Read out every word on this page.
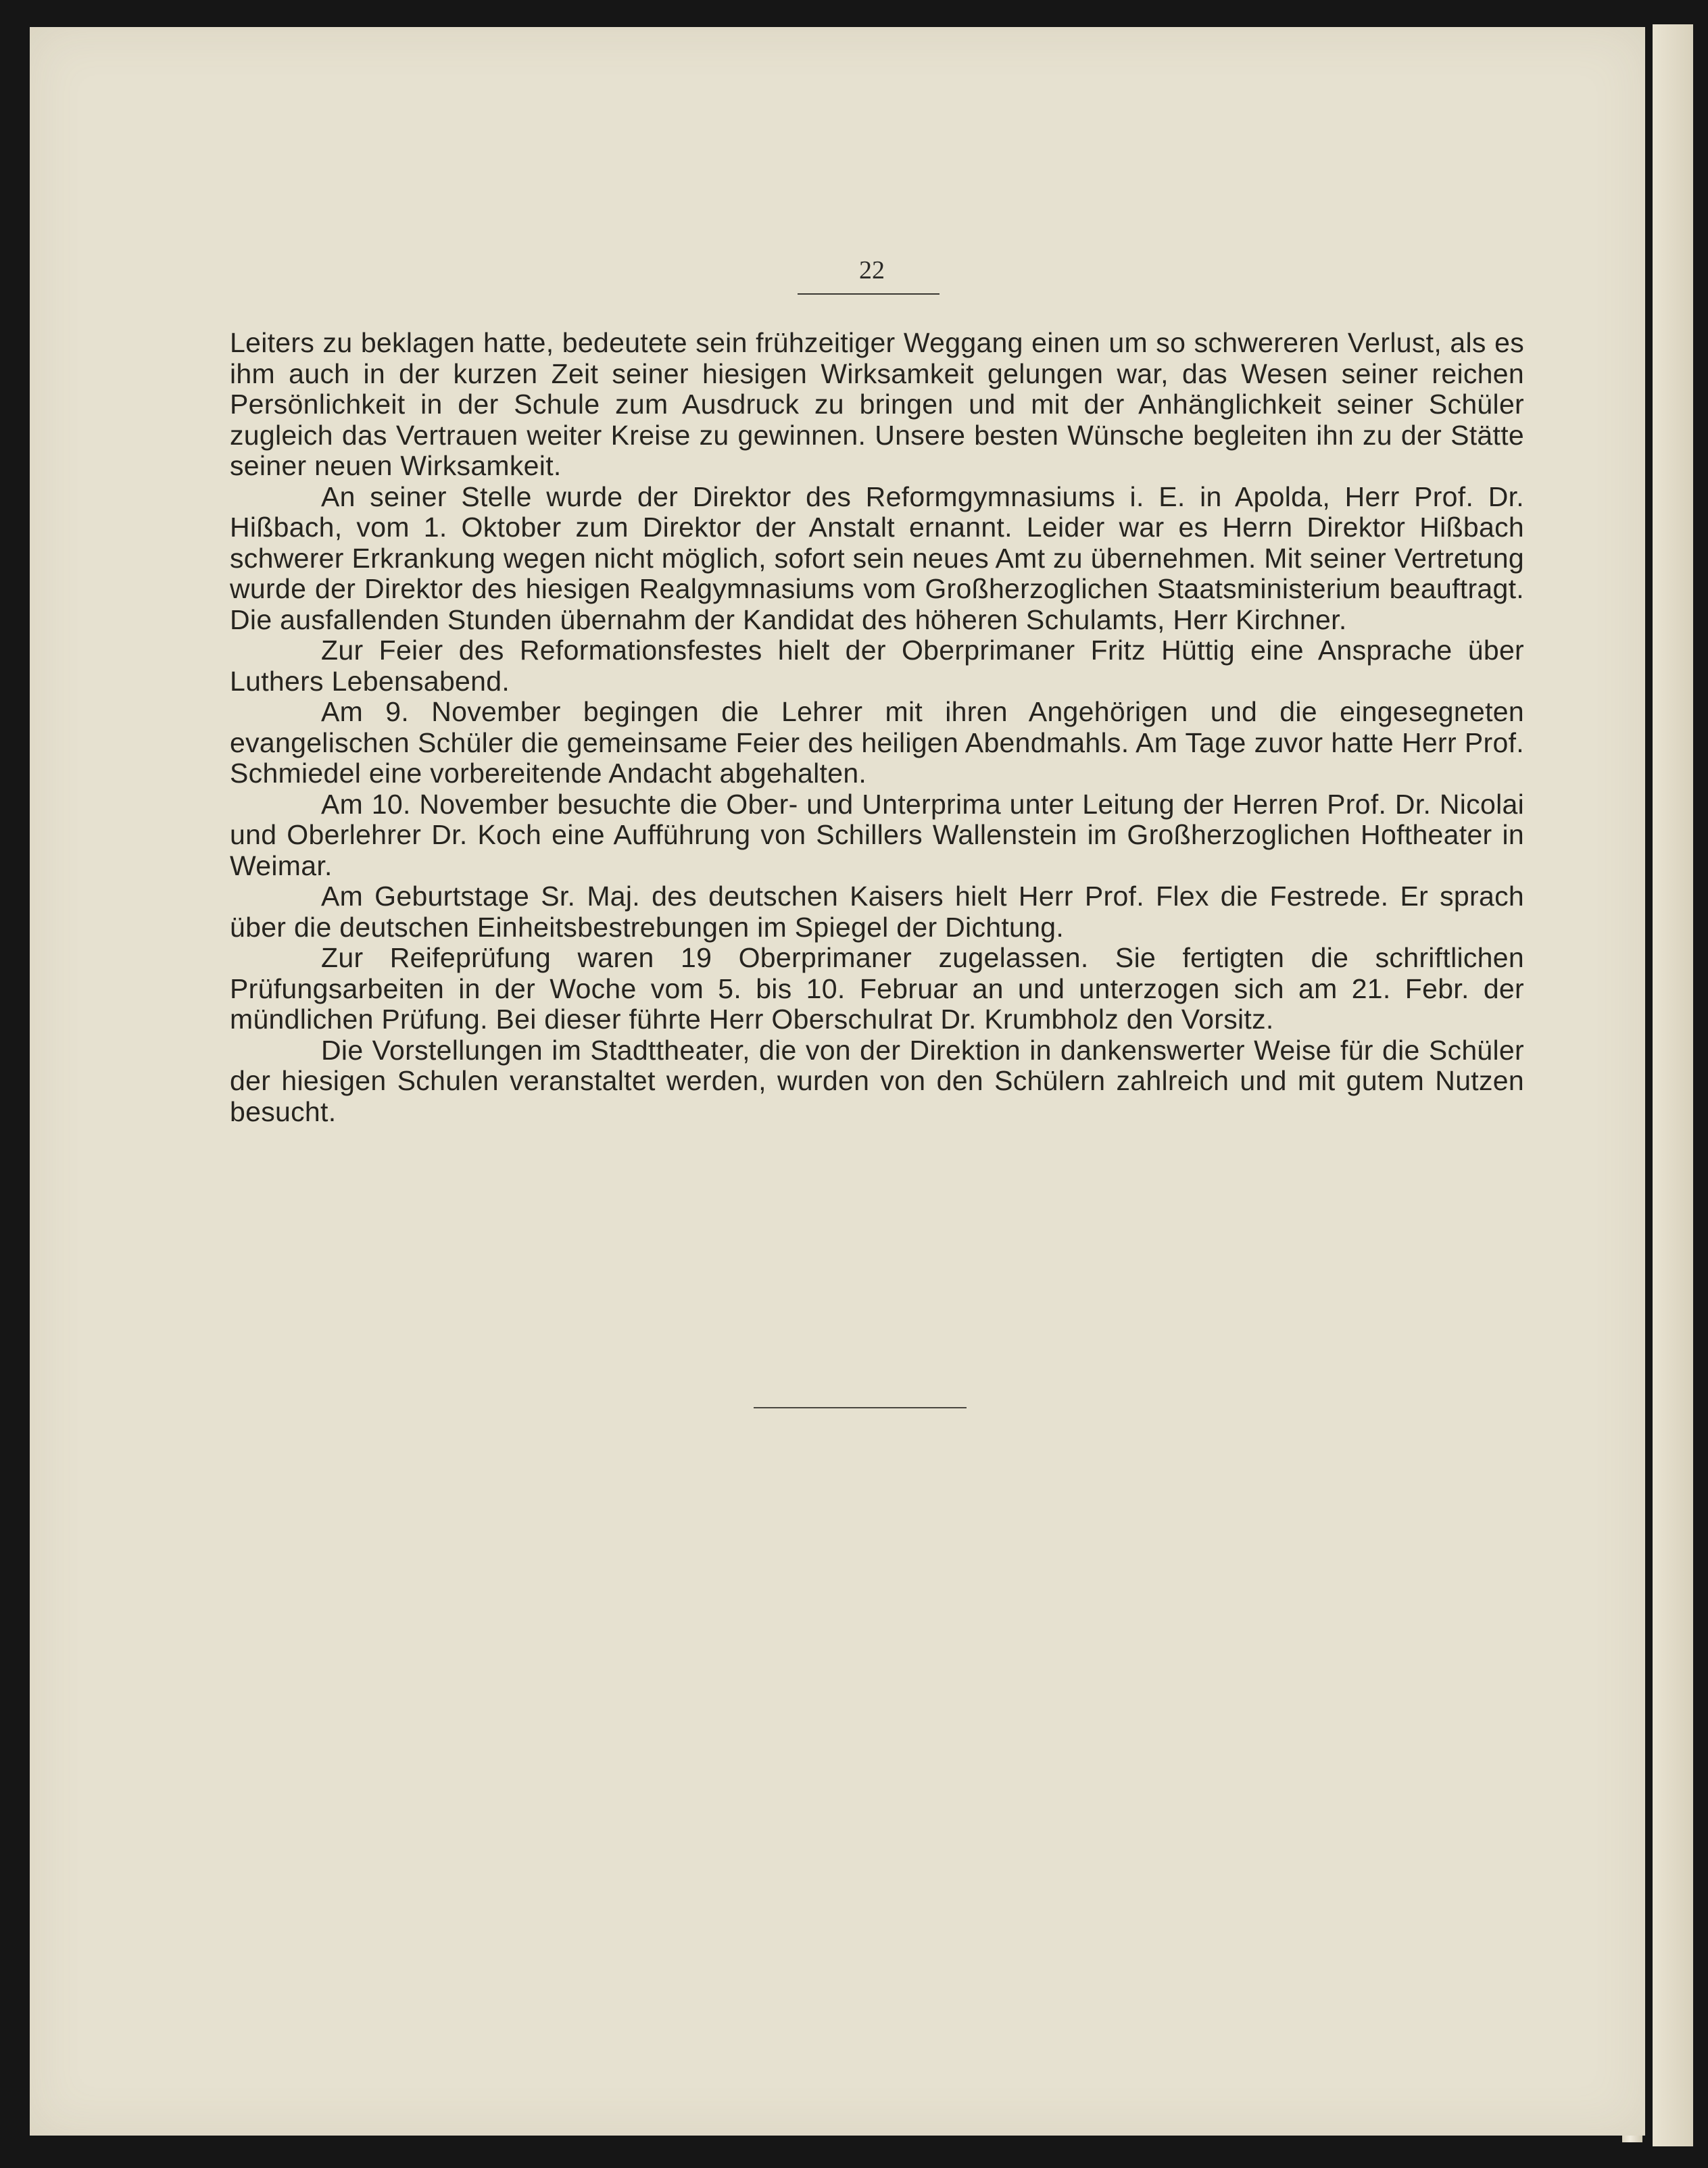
22

Leiters zu beklagen hatte, bedeutete sein frühzeitiger Weggang einen um so schwereren Verlust, als es ihm auch in der kurzen Zeit seiner hiesigen Wirksamkeit gelungen war, das Wesen seiner reichen Persönlichkeit in der Schule zum Ausdruck zu bringen und mit der Anhänglichkeit seiner Schüler zugleich das Vertrauen weiter Kreise zu gewinnen. Unsere besten Wünsche begleiten ihn zu der Stätte seiner neuen Wirksamkeit.

An seiner Stelle wurde der Direktor des Reformgymnasiums i. E. in Apolda, Herr Prof. Dr. Hißbach, vom 1. Oktober zum Direktor der Anstalt ernannt. Leider war es Herrn Direktor Hißbach schwerer Erkrankung wegen nicht möglich, sofort sein neues Amt zu übernehmen. Mit seiner Vertretung wurde der Direktor des hiesigen Realgymnasiums vom Großherzoglichen Staatsministerium beauftragt. Die ausfallenden Stunden übernahm der Kandidat des höheren Schulamts, Herr Kirchner.

Zur Feier des Reformationsfestes hielt der Oberprimaner Fritz Hüttig eine Ansprache über Luthers Lebensabend.

Am 9. November begingen die Lehrer mit ihren Angehörigen und die eingesegneten evangelischen Schüler die gemeinsame Feier des heiligen Abendmahls. Am Tage zuvor hatte Herr Prof. Schmiedel eine vorbereitende Andacht abgehalten.

Am 10. November besuchte die Ober- und Unterprima unter Leitung der Herren Prof. Dr. Nicolai und Oberlehrer Dr. Koch eine Aufführung von Schillers Wallenstein im Großherzoglichen Hoftheater in Weimar.

Am Geburtstage Sr. Maj. des deutschen Kaisers hielt Herr Prof. Flex die Festrede. Er sprach über die deutschen Einheitsbestrebungen im Spiegel der Dichtung.

Zur Reifeprüfung waren 19 Oberprimaner zugelassen. Sie fertigten die schriftlichen Prüfungsarbeiten in der Woche vom 5. bis 10. Februar an und unterzogen sich am 21. Febr. der mündlichen Prüfung. Bei dieser führte Herr Oberschulrat Dr. Krumbholz den Vorsitz.

Die Vorstellungen im Stadttheater, die von der Direktion in dankenswerter Weise für die Schüler der hiesigen Schulen veranstaltet werden, wurden von den Schülern zahlreich und mit gutem Nutzen besucht.
